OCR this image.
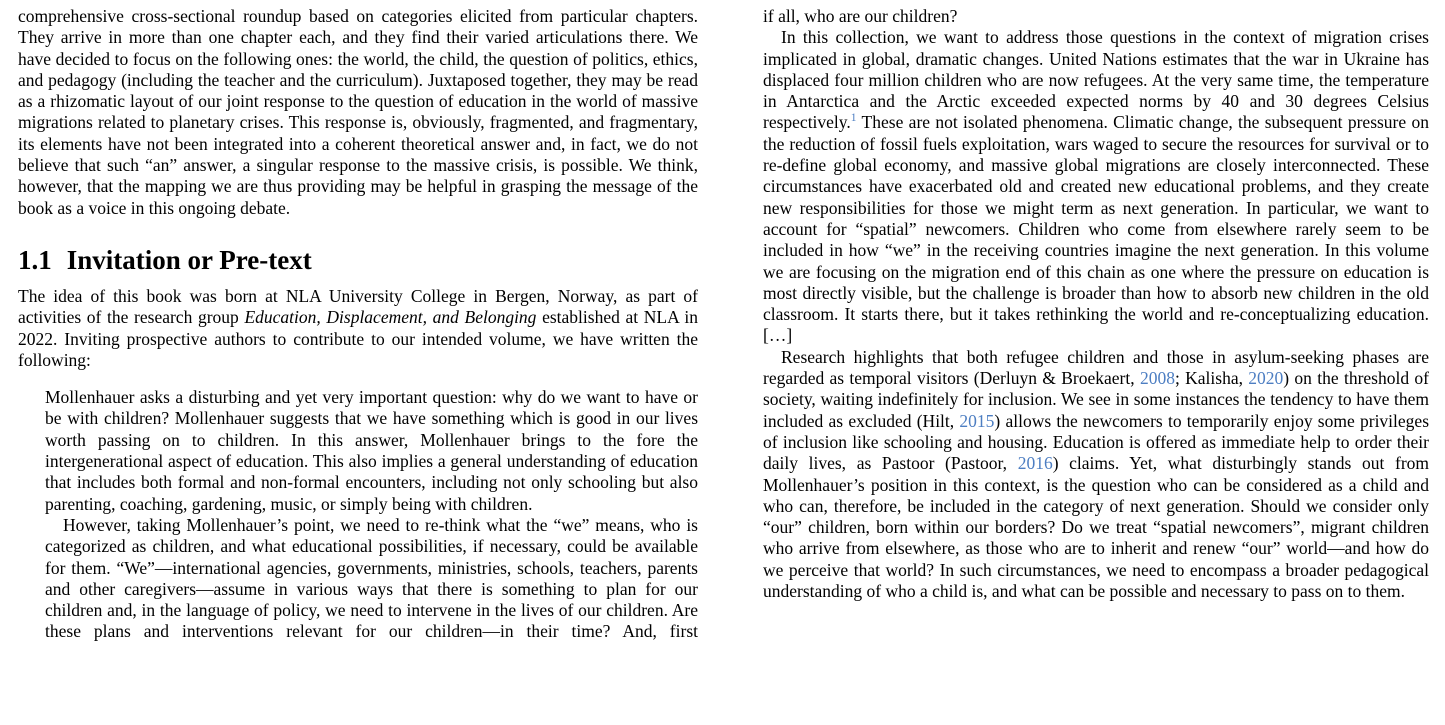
comprehensive cross-sectional roundup based on categories elicited from particular chapters. They arrive in more than one chapter each, and they find their varied articulations there. We have decided to focus on the following ones: the world, the child, the question of politics, ethics, and pedagogy (including the teacher and the curriculum). Juxtaposed together, they may be read as a rhizomatic layout of our joint response to the question of education in the world of massive migrations related to planetary crises. This response is, obviously, fragmented, and fragmentary, its elements have not been integrated into a coherent theoretical answer and, in fact, we do not believe that such “an” answer, a singular response to the massive crisis, is possible. We think, however, that the mapping we are thus providing may be helpful in grasping the message of the book as a voice in this ongoing debate.

1.1 Invitation or Pre-text

The idea of this book was born at NLA University College in Bergen, Norway, as part of activities of the research group Education, Displacement, and Belonging established at NLA in 2022. Inviting prospective authors to contribute to our intended volume, we have written the following:

Mollenhauer asks a disturbing and yet very important question: why do we want to have or be with children? Mollenhauer suggests that we have something which is good in our lives worth passing on to children. In this answer, Mollenhauer brings to the fore the intergenerational aspect of education. This also implies a general understanding of education that includes both formal and non-formal encounters, including not only schooling but also parenting, coaching, gardening, music, or simply being with children.

However, taking Mollenhauer’s point, we need to re-think what the “we” means, who is categorized as children, and what educational possibilities, if necessary, could be available for them. “We”—international agencies, governments, ministries, schools, teachers, parents and other caregivers—assume in various ways that there is something to plan for our children and, in the language of policy, we need to intervene in the lives of our children. Are these plans and interventions relevant for our children—in their time? And, first

if all, who are our children?

In this collection, we want to address those questions in the context of migration crises implicated in global, dramatic changes. United Nations estimates that the war in Ukraine has displaced four million children who are now refugees. At the very same time, the temperature in Antarctica and the Arctic exceeded expected norms by 40 and 30 degrees Celsius respectively.$^1$ These are not isolated phenomena. Climatic change, the subsequent pressure on the reduction of fossil fuels exploitation, wars waged to secure the resources for survival or to re-define global economy, and massive global migrations are closely interconnected. These circumstances have exacerbated old and created new educational problems, and they create new responsibilities for those we might term as next generation. In particular, we want to account for “spatial” newcomers. Children who come from elsewhere rarely seem to be included in how “we” in the receiving countries imagine the next generation. In this volume we are focusing on the migration end of this chain as one where the pressure on education is most directly visible, but the challenge is broader than how to absorb new children in the old classroom. It starts there, but it takes rethinking the world and re-conceptualizing education. […]

Research highlights that both refugee children and those in asylum-seeking phases are regarded as temporal visitors (Derluyn & Broekaert, 2008; Kalisha, 2020) on the threshold of society, waiting indefinitely for inclusion. We see in some instances the tendency to have them included as excluded (Hilt, 2015) allows the newcomers to temporarily enjoy some privileges of inclusion like schooling and housing. Education is offered as immediate help to order their daily lives, as Pastoor (Pastoor, 2016) claims. Yet, what disturbingly stands out from Mollenhauer’s position in this context, is the question who can be considered as a child and who can, therefore, be included in the category of next generation. Should we consider only “our” children, born within our borders? Do we treat “spatial newcomers”, migrant children who arrive from elsewhere, as those who are to inherit and renew “our” world—and how do we perceive that world? In such circumstances, we need to encompass a broader pedagogical understanding of who a child is, and what can be possible and necessary to pass on to them.
